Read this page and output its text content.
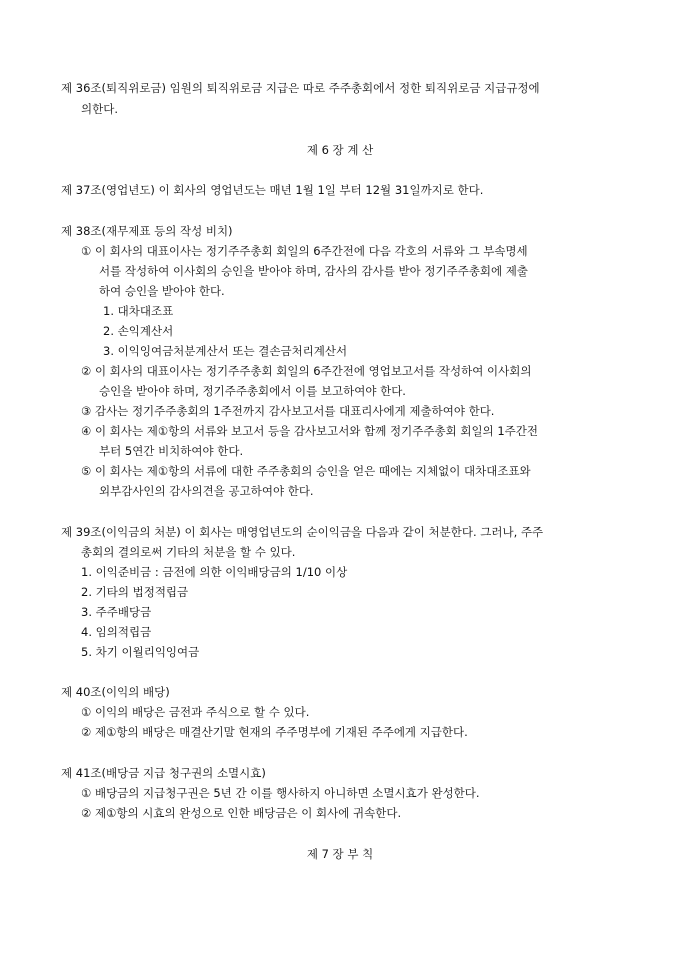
제 36조(퇴직위로금) 임원의 퇴직위로금 지급은 따로 주주총회에서 정한 퇴직위로금 지급규정에
의한다.
제 6 장 계 산
제 37조(영업년도) 이 회사의 영업년도는 매년 1월 1일 부터 12월 31일까지로 한다.
제 38조(재무제표 등의 작성 비치)
① 이 회사의 대표이사는 정기주주총회 회일의 6주간전에 다음 각호의 서류와 그 부속명세
서를 작성하여 이사회의 승인을 받아야 하며, 감사의 감사를 받아 정기주주총회에 제출
하여 승인을 받아야 한다.
1. 대차대조표
2. 손익계산서
3. 이익잉여금처분계산서 또는 결손금처리계산서
② 이 회사의 대표이사는 정기주주총회 회일의 6주간전에 영업보고서를 작성하여 이사회의
승인을 받아야 하며, 정기주주총회에서 이를 보고하여야 한다.
③ 감사는 정기주주총회의 1주전까지 감사보고서를 대표리사에게 제출하여야 한다.
④ 이 회사는 제①항의 서류와 보고서 등을 감사보고서와 함께 정기주주총회 회일의 1주간전
부터 5연간 비치하여야 한다.
⑤ 이 회사는 제①항의 서류에 대한 주주총회의 승인을 얻은 때에는 지체없이 대차대조표와
외부감사인의 감사의견을 공고하여야 한다.
제 39조(이익금의 처분) 이 회사는 매영업년도의 순이익금을 다음과 같이 처분한다. 그러나, 주주
총회의 결의로써 기타의 처분을 할 수 있다.
1. 이익준비금 : 금전에 의한 이익배당금의 1/10 이상
2. 기타의 법정적립금
3. 주주배당금
4. 임의적립금
5. 차기 이월리익잉여금
제 40조(이익의 배당)
① 이익의 배당은 금전과 주식으로 할 수 있다.
② 제①항의 배당은 매결산기말 현재의 주주명부에 기재된 주주에게 지급한다.
제 41조(배당금 지급 청구권의 소멸시효)
① 배당금의 지급청구권은 5년 간 이를 행사하지 아니하면 소멸시효가 완성한다.
② 제①항의 시효의 완성으로 인한 배당금은 이 회사에 귀속한다.
제 7 장 부 칙
